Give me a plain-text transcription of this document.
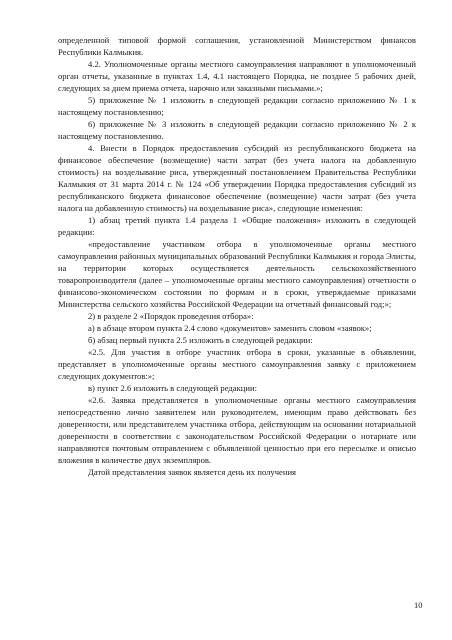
определенной типовой формой соглашения, установленной Министерством финансов Республики Калмыкия.

4.2. Уполномоченные органы местного самоуправления направляют в уполномоченный орган отчеты, указанные в пунктах 1.4, 4.1 настоящего Порядка, не позднее 5 рабочих дней, следующих за днем приема отчета, нарочно или заказными письмами.»;

5) приложение № 1 изложить в следующей редакции согласно приложению № 1 к настоящему постановлению;

6) приложение № 3 изложить в следующей редакции согласно приложению № 2 к настоящему постановлению.

4. Внести в Порядок предоставления субсидий из республиканского бюджета на финансовое обеспечение (возмещение) части затрат (без учета налога на добавленную стоимость) на возделывание риса, утвержденный постановлением Правительства Республики Калмыкия от 31 марта 2014 г. № 124 «Об утверждении Порядка предоставления субсидий из республиканского бюджета финансовое обеспечение (возмещение) части затрат (без учета налога на добавленную стоимость) на возделывание риса», следующие изменения:

1) абзац третий пункта 1.4 раздела 1 «Общие положения» изложить в следующей редакции:

«предоставление участником отбора в уполномоченные органы местного самоуправления районных муниципальных образований Республики Калмыкия и города Элисты, на территории которых осуществляется деятельность сельскохозяйственного товаропроизводителя (далее – уполномоченные органы местного самоуправления) отчетности о финансово-экономическом состоянии по формам и в сроки, утверждаемые приказами Министерства сельского хозяйства Российской Федерации на отчетный финансовый год;»;

2) в разделе 2 «Порядок проведения отбора»:

а) в абзаце втором пункта 2.4 слово «документов» заменить словом «заявок»;

б) абзац первый пункта 2.5 изложить в следующей редакции:

«2.5. Для участия в отборе участник отбора в сроки, указанные в объявлении, представляет в уполномоченные органы местного самоуправления заявку с приложением следующих документов:»;

в) пункт 2.6 изложить в следующей редакции:

«2.6. Заявка представляется в уполномоченные органы местного самоуправления непосредственно лично заявителем или руководителем, имеющим право действовать без доверенности, или представителем участника отбора, действующим на основании нотариальной доверенности в соответствии с законодательством Российской Федерации о нотариате или направляются почтовым отправлением с объявленной ценностью при его пересылке и описью вложения в количестве двух экземпляров.

Датой представления заявок является день их получения

10
